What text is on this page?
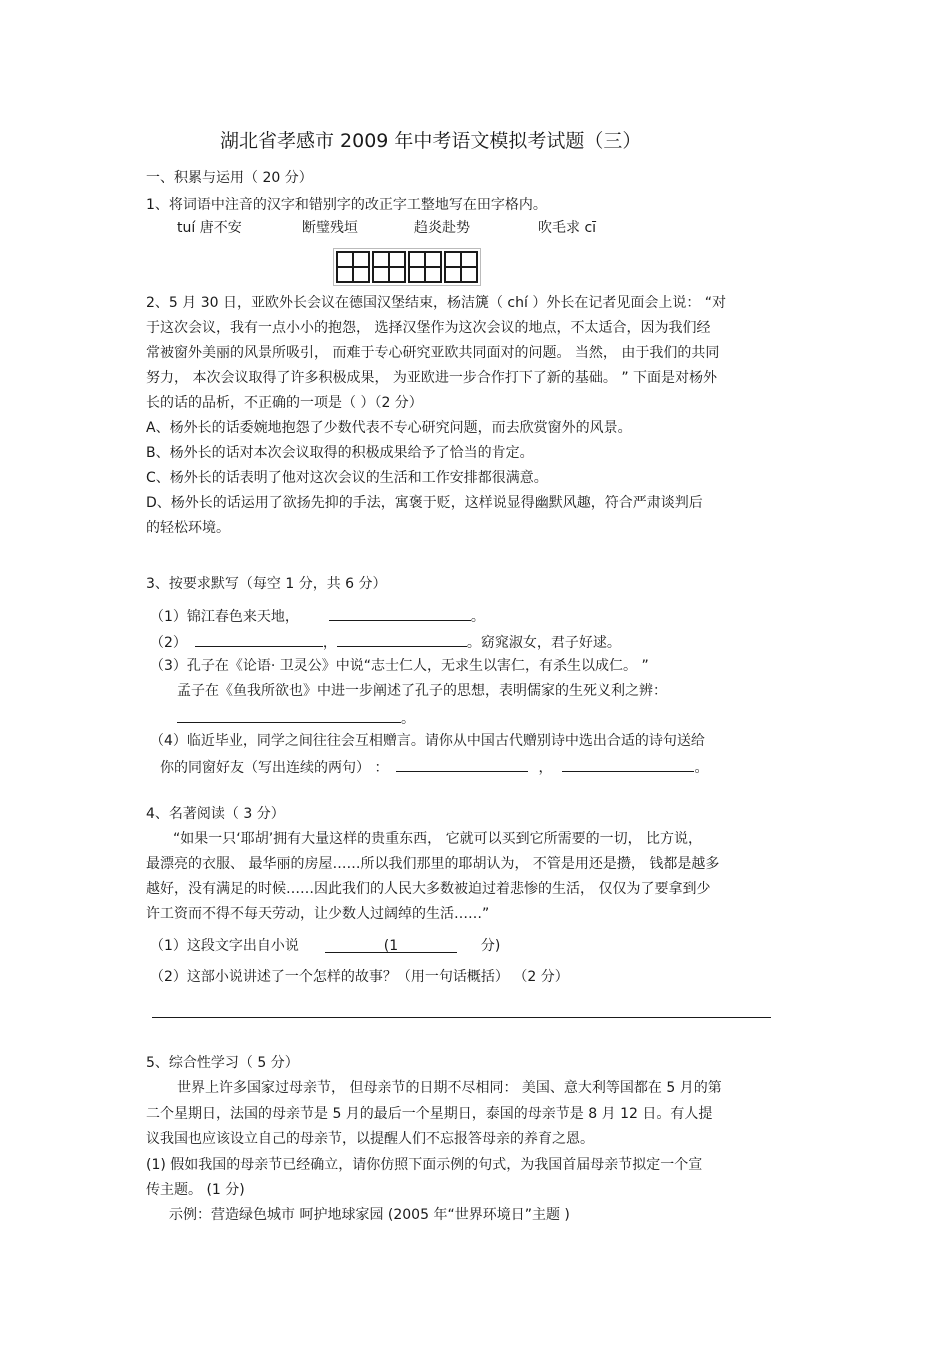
湖北省孝感市 2009 年中考语文模拟考试题（三）
一、积累与运用（ 20 分）
1、将词语中注音的汉字和错别字的改正字工整地写在田字格内。
tuí 唐不安	断璧残垣	趋炎赴势	吹毛求 cī
2、5 月 30 日，亚欧外长会议在德国汉堡结束，杨洁篪（ chí ）外长在记者见面会上说： “对
于这次会议，我有一点小小的抱怨， 选择汉堡作为这次会议的地点，不太适合，因为我们经
常被窗外美丽的风景所吸引， 而难于专心研究亚欧共同面对的问题。 当然， 由于我们的共同
努力， 本次会议取得了许多积极成果， 为亚欧进一步合作打下了新的基础。 ” 下面是对杨外
长的话的品析，不正确的一项是（ ）（2 分）
A、杨外长的话委婉地抱怨了少数代表不专心研究问题，而去欣赏窗外的风景。
B、杨外长的话对本次会议取得的积极成果给予了恰当的肯定。
C、杨外长的话表明了他对这次会议的生活和工作安排都很满意。
D、杨外长的话运用了欲扬先抑的手法，寓褒于贬，这样说显得幽默风趣，符合严肃谈判后
的轻松环境。
3、按要求默写（每空 1 分，共 6 分）
（1）锦江春色来天地，	。
（2）	，	。窈窕淑女，君子好逑。
（3）孔子在《论语· 卫灵公》中说“志士仁人，无求生以害仁，有杀生以成仁。 ”
孟子在《鱼我所欲也》中进一步阐述了孔子的思想，表明儒家的生死义利之辨：
。
（4）临近毕业，同学之间往往会互相赠言。请你从中国古代赠别诗中选出合适的诗句送给
你的同窗好友（写出连续的两句） ：	，	。
4、名著阅读（ 3 分）
“如果一只‘耶胡’拥有大量这样的贵重东西， 它就可以买到它所需要的一切， 比方说，
最漂亮的衣服、 最华丽的房屋……所以我们那里的耶胡认为， 不管是用还是攒， 钱都是越多
越好，没有满足的时候……因此我们的人民大多数被迫过着悲惨的生活， 仅仅为了要拿到少
许工资而不得不每天劳动，让少数人过阔绰的生活……”
（1）这段文字出自小说	(1	分)
（2）这部小说讲述了一个怎样的故事？（用一句话概括） （2 分）
5、综合性学习（ 5 分）
世界上许多国家过母亲节， 但母亲节的日期不尽相同： 美国、意大利等国都在 5 月的第
二个星期日，法国的母亲节是 5 月的最后一个星期日，泰国的母亲节是 8 月 12 日。有人提
议我国也应该设立自己的母亲节，以提醒人们不忘报答母亲的养育之恩。
(1) 假如我国的母亲节已经确立，请你仿照下面示例的句式，为我国首届母亲节拟定一个宣
传主题。 (1 分)
示例：营造绿色城市 呵护地球家园 (2005 年“世界环境日”主题 )
